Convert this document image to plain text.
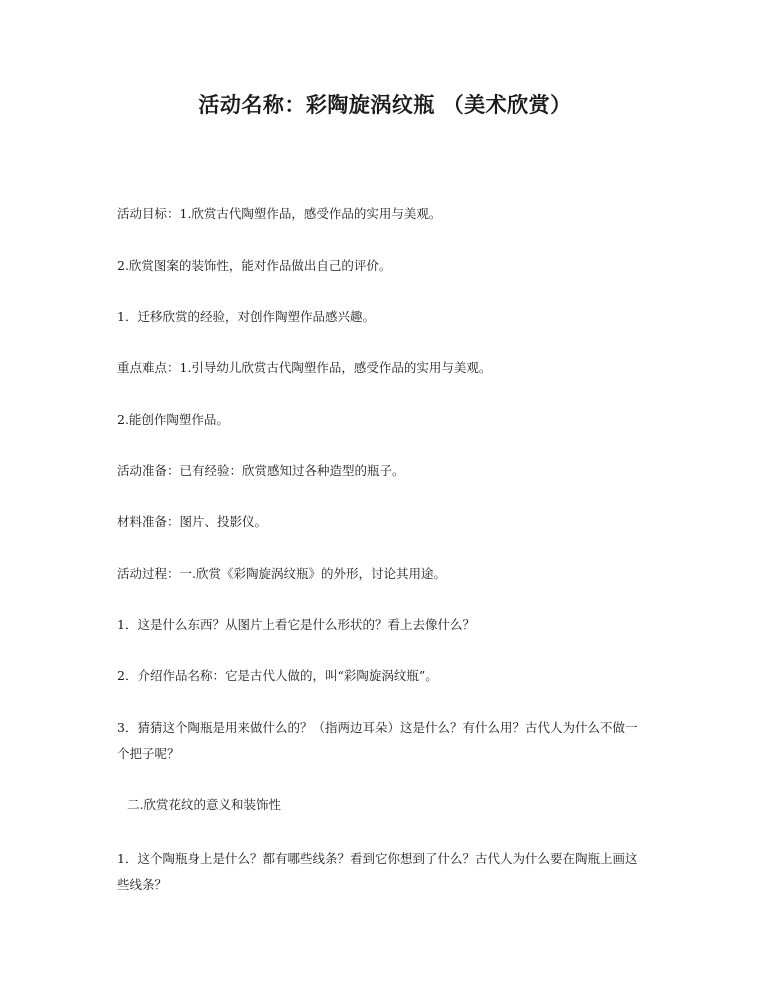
活动名称：彩陶旋涡纹瓶 （美术欣赏）
活动目标：1.欣赏古代陶塑作品，感受作品的实用与美观。
2.欣赏图案的装饰性，能对作品做出自己的评价。
1．迁移欣赏的经验，对创作陶塑作品感兴趣。
重点难点：1.引导幼儿欣赏古代陶塑作品，感受作品的实用与美观。
2.能创作陶塑作品。
活动准备：已有经验：欣赏感知过各种造型的瓶子。
材料准备：图片、投影仪。
活动过程：一.欣赏《彩陶旋涡纹瓶》的外形，讨论其用途。
1．这是什么东西？从图片上看它是什么形状的？看上去像什么？
2．介绍作品名称：它是古代人做的，叫“彩陶旋涡纹瓶”。
3．猜猜这个陶瓶是用来做什么的？（指两边耳朵）这是什么？有什么用？古代人为什么不做一个把子呢？
二.欣赏花纹的意义和装饰性
1．这个陶瓶身上是什么？都有哪些线条？看到它你想到了什么？古代人为什么要在陶瓶上画这些线条？
